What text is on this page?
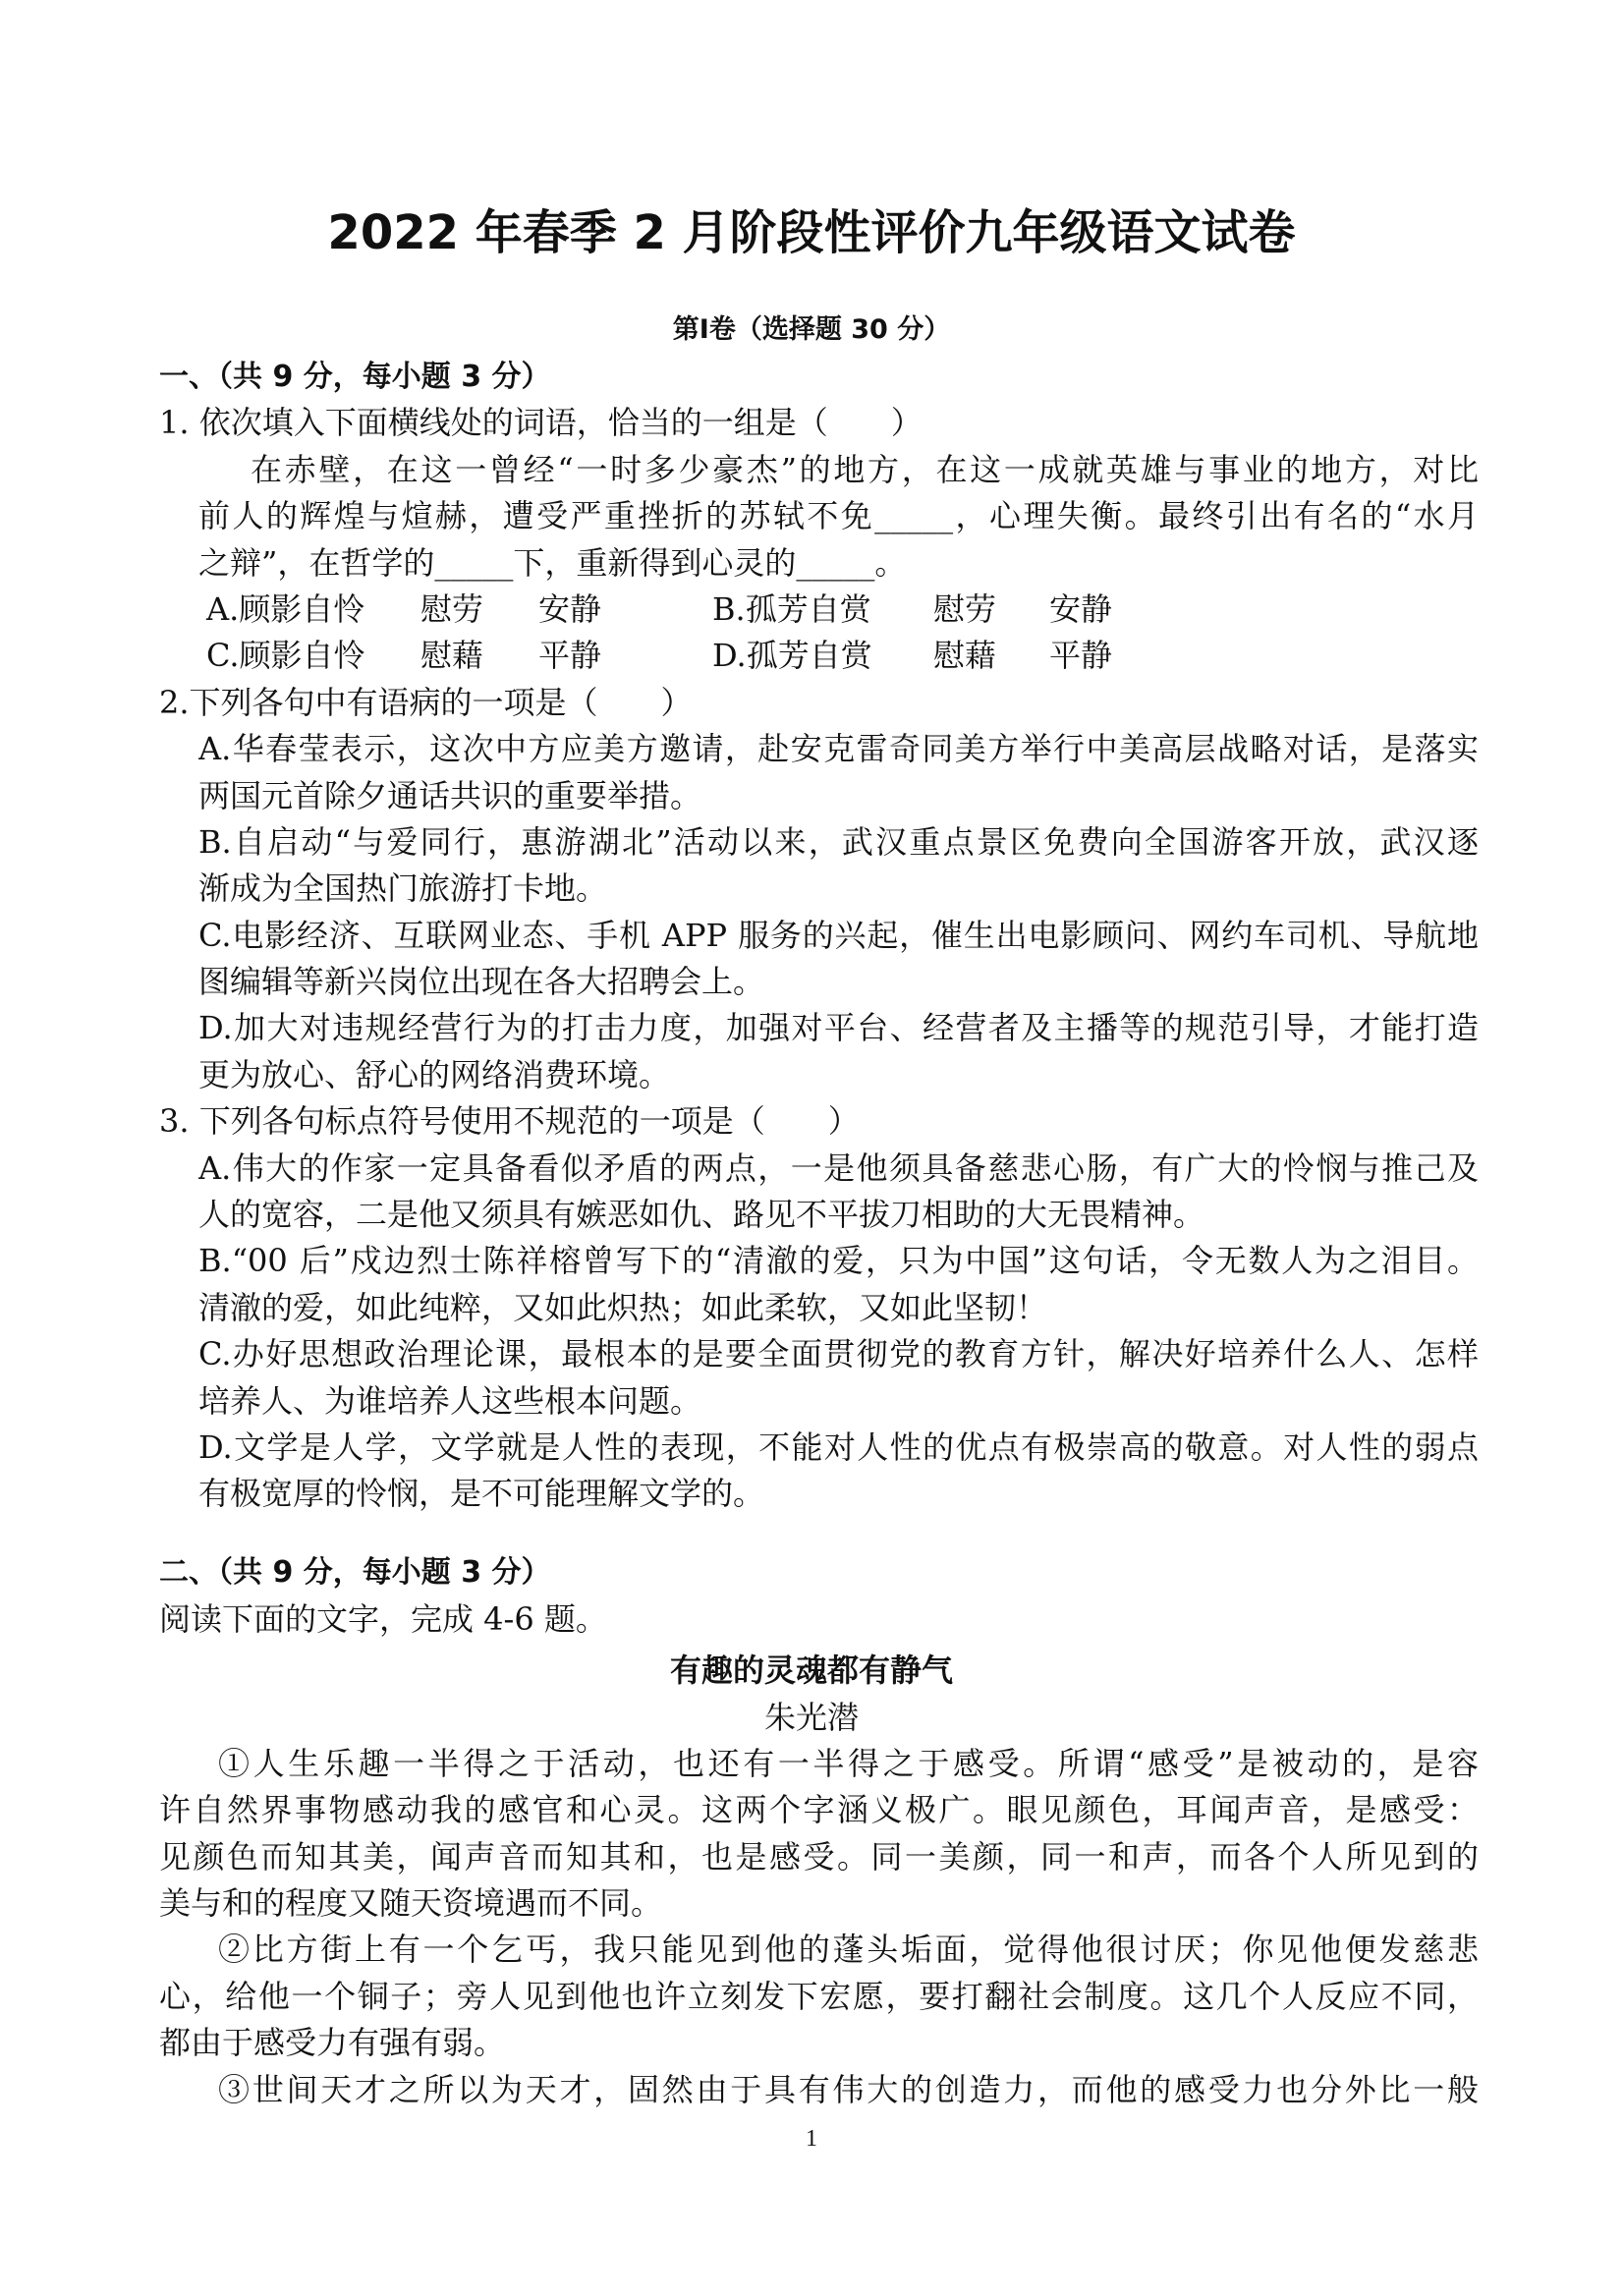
2022 年春季 2 月阶段性评价九年级语文试卷
第Ⅰ卷（选择题 30 分）
一、（共 9 分，每小题 3 分）
1. 依次填入下面横线处的词语，恰当的一组是（　　）
在赤壁，在这一曾经“一时多少豪杰”的地方，在这一成就英雄与事业的地方，对比
前人的辉煌与煊赫，遭受严重挫折的苏轼不免_____，心理失衡。最终引出有名的“水月
之辩”，在哲学的_____下，重新得到心灵的_____。
A.顾影自怜 慰劳 安静	B.孤芳自赏 慰劳 安静
C.顾影自怜 慰藉 平静	D.孤芳自赏 慰藉 平静
2.下列各句中有语病的一项是（　　）
A.华春莹表示，这次中方应美方邀请，赴安克雷奇同美方举行中美高层战略对话，是落实
两国元首除夕通话共识的重要举措。
B.自启动“与爱同行，惠游湖北”活动以来，武汉重点景区免费向全国游客开放，武汉逐
渐成为全国热门旅游打卡地。
C.电影经济、互联网业态、手机 APP 服务的兴起，催生出电影顾问、网约车司机、导航地
图编辑等新兴岗位出现在各大招聘会上。
D.加大对违规经营行为的打击力度，加强对平台、经营者及主播等的规范引导，才能打造
更为放心、舒心的网络消费环境。
3. 下列各句标点符号使用不规范的一项是（　　）
A.伟大的作家一定具备看似矛盾的两点，一是他须具备慈悲心肠，有广大的怜悯与推己及
人的宽容，二是他又须具有嫉恶如仇、路见不平拔刀相助的大无畏精神。
B.“00 后”戍边烈士陈祥榕曾写下的“清澈的爱，只为中国”这句话，令无数人为之泪目。
清澈的爱，如此纯粹，又如此炽热；如此柔软，又如此坚韧！
C.办好思想政治理论课，最根本的是要全面贯彻党的教育方针，解决好培养什么人、怎样
培养人、为谁培养人这些根本问题。
D.文学是人学，文学就是人性的表现，不能对人性的优点有极崇高的敬意。对人性的弱点
有极宽厚的怜悯，是不可能理解文学的。
二、（共 9 分，每小题 3 分）
阅读下面的文字，完成 4-6 题。
有趣的灵魂都有静气
朱光潜
①人生乐趣一半得之于活动，也还有一半得之于感受。所谓“感受”是被动的，是容
许自然界事物感动我的感官和心灵。这两个字涵义极广。眼见颜色，耳闻声音，是感受：
见颜色而知其美，闻声音而知其和，也是感受。同一美颜，同一和声，而各个人所见到的
美与和的程度又随天资境遇而不同。
②比方街上有一个乞丐，我只能见到他的蓬头垢面，觉得他很讨厌；你见他便发慈悲
心，给他一个铜子；旁人见到他也许立刻发下宏愿，要打翻社会制度。这几个人反应不同，
都由于感受力有强有弱。
③世间天才之所以为天才，固然由于具有伟大的创造力，而他的感受力也分外比一般
1
